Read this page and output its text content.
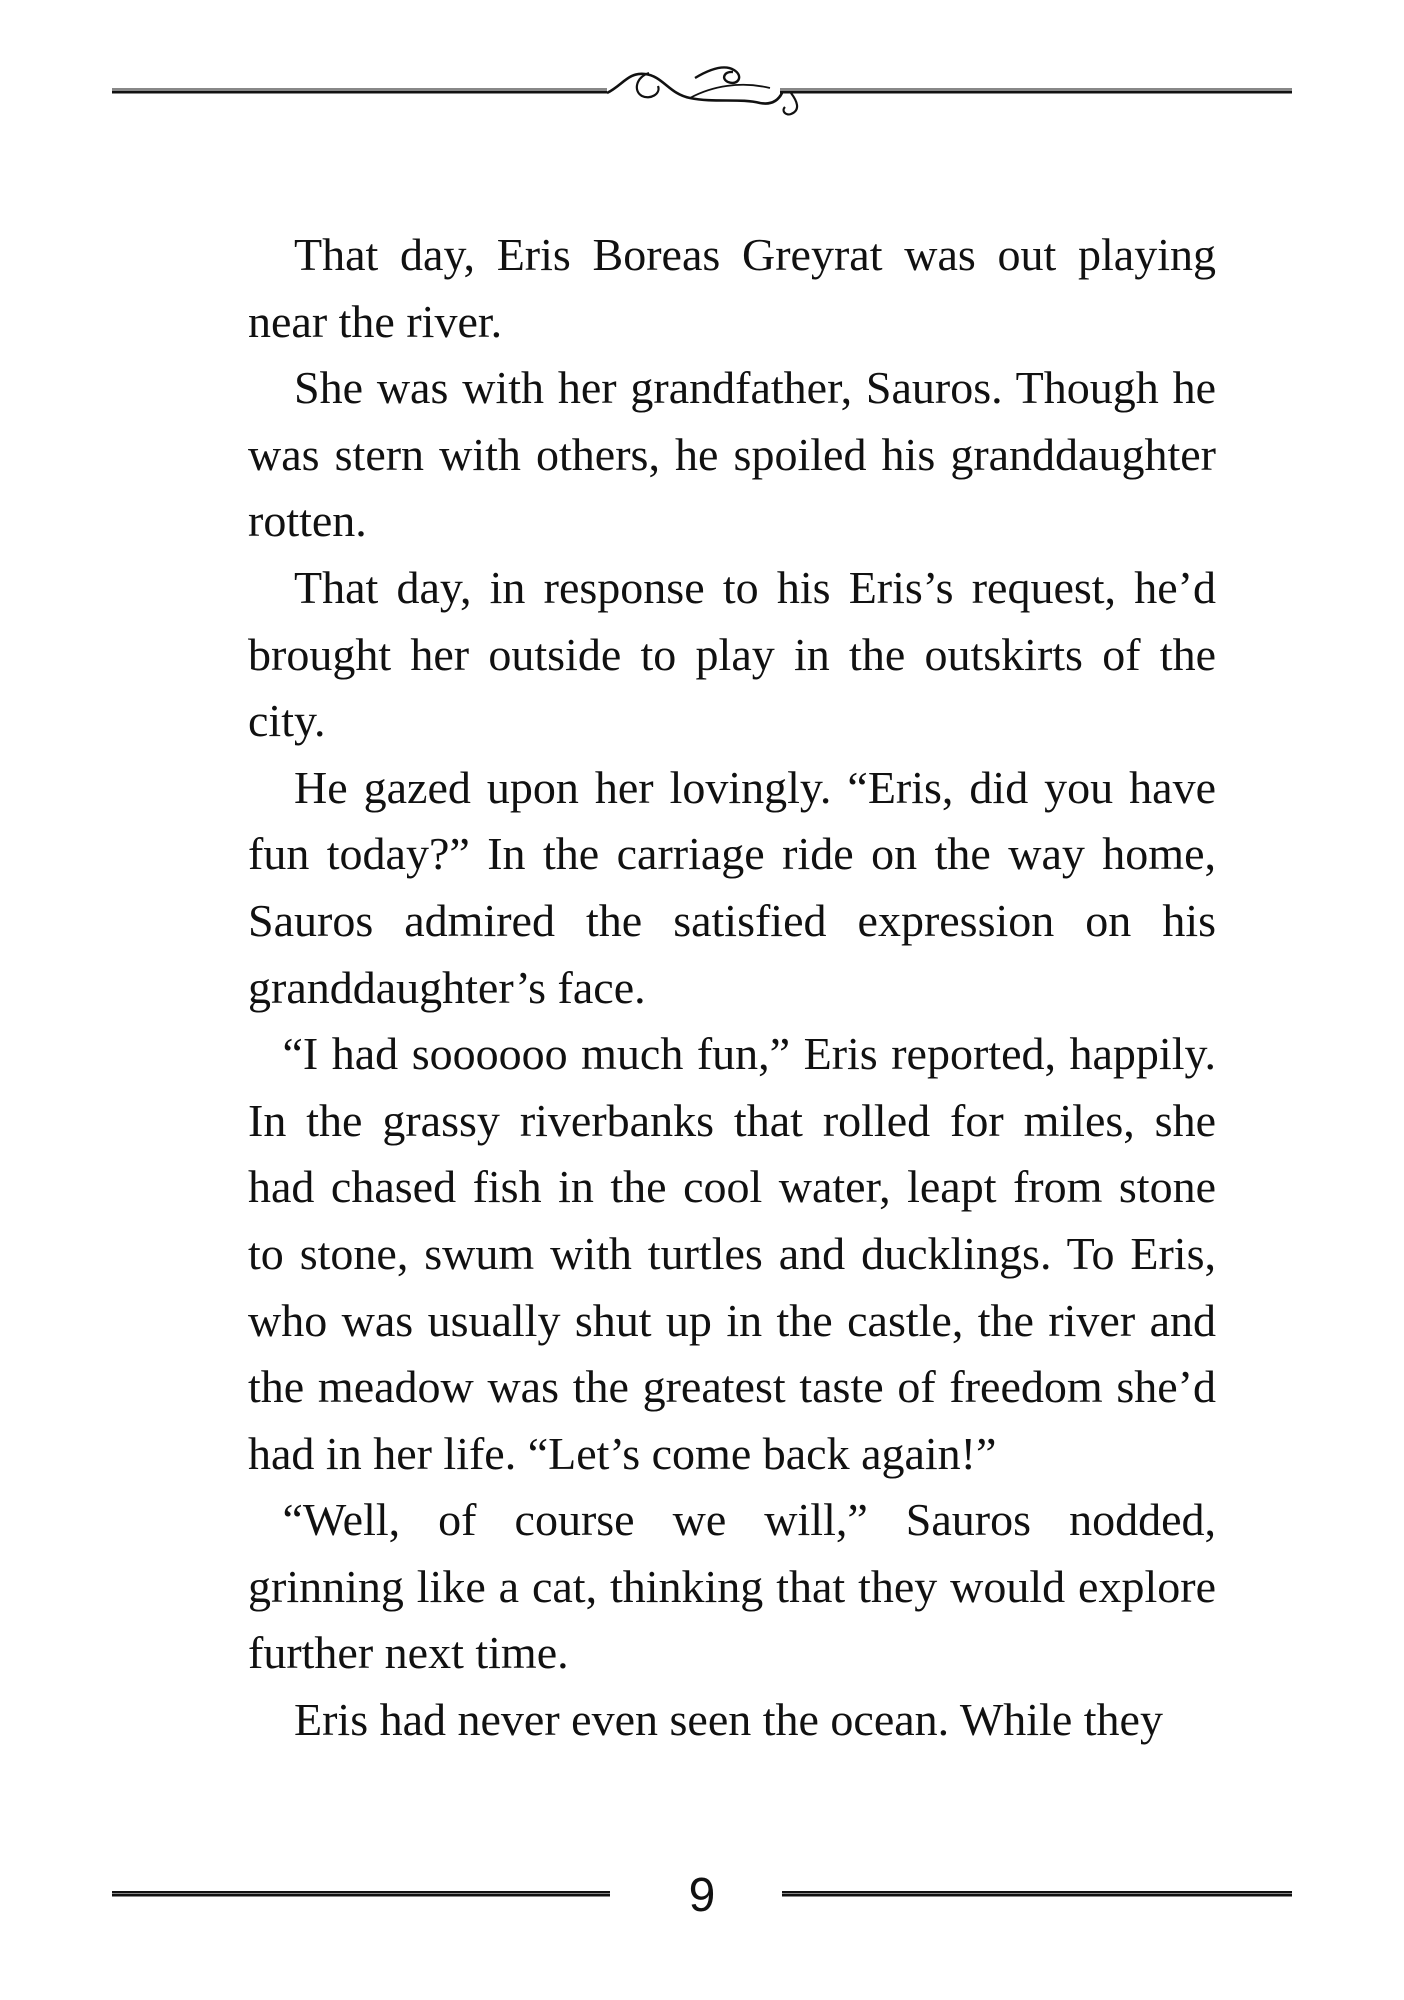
That day, Eris Boreas Greyrat was out playing near the river.

She was with her grandfather, Sauros. Though he was stern with others, he spoiled his granddaughter rotten.

That day, in response to his Eris’s request, he’d brought her outside to play in the outskirts of the city.

He gazed upon her lovingly. “Eris, did you have fun today?” In the carriage ride on the way home, Sauros admired the satisfied expression on his granddaughter’s face.

“I had soooooo much fun,” Eris reported, happily. In the grassy riverbanks that rolled for miles, she had chased fish in the cool water, leapt from stone to stone, swum with turtles and ducklings. To Eris, who was usually shut up in the castle, the river and the meadow was the greatest taste of freedom she’d had in her life. “Let’s come back again!”

“Well, of course we will,” Sauros nodded, grinning like a cat, thinking that they would explore further next time.

Eris had never even seen the ocean. While they

9
